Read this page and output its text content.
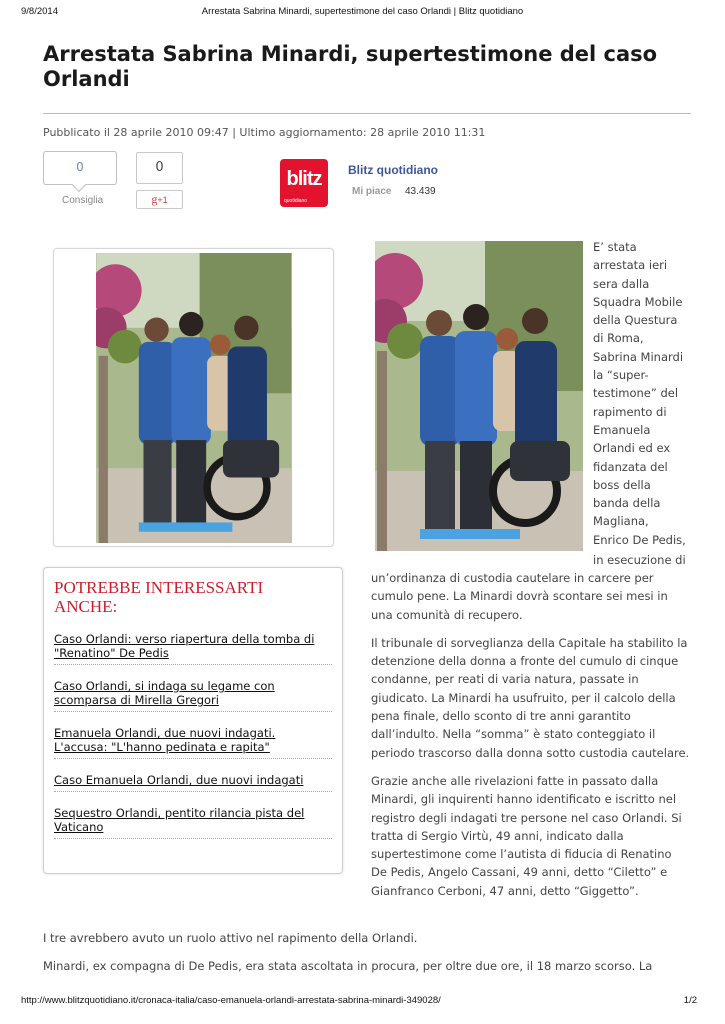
9/8/2014	Arrestata Sabrina Minardi, supertestimone del caso Orlandi | Blitz quotidiano
Arrestata Sabrina Minardi, supertestimone del caso Orlandi
Pubblicato il 28 aprile 2010 09:47 | Ultimo aggiornamento: 28 aprile 2010 11:31
0
Consiglia
0
g+1
blitz
quotidiano
Blitz quotidiano
Mi piace 43.439
POTREBBE INTERESSARTI ANCHE:
Caso Orlandi: verso riapertura della tomba di "Renatino" De Pedis
Caso Orlandi, si indaga su legame con scomparsa di Mirella Gregori
Emanuela Orlandi, due nuovi indagati. L'accusa: "L'hanno pedinata e rapita"
Caso Emanuela Orlandi, due nuovi indagati
Sequestro Orlandi, pentito rilancia pista del Vaticano

E’ stata

arrestata ieri

sera dalla

Squadra Mobile

della Questura

di Roma,

Sabrina Minardi

la “super-

testimone” del

rapimento di

Emanuela

Orlandi ed ex

fidanzata del

boss della

banda della

Magliana,

Enrico De Pedis,

in esecuzione di

un’ordinanza di custodia cautelare in carcere per cumulo pene. La Minardi dovrà scontare sei mesi in una comunità di recupero.

Il tribunale di sorveglianza della Capitale ha stabilito la detenzione della donna a fronte del cumulo di cinque condanne, per reati di varia natura, passate in giudicato. La Minardi ha usufruito, per il calcolo della pena finale, dello sconto di tre anni garantito dall’indulto. Nella “somma” è stato conteggiato il periodo trascorso dalla donna sotto custodia cautelare.

Grazie anche alle rivelazioni fatte in passato dalla Minardi, gli inquirenti hanno identificato e iscritto nel registro degli indagati tre persone nel caso Orlandi. Si tratta di Sergio Virtù, 49 anni, indicato dalla supertestimone come l’autista di fiducia di Renatino De Pedis, Angelo Cassani, 49 anni, detto “Ciletto” e Gianfranco Cerboni, 47 anni, detto “Giggetto”.

I tre avrebbero avuto un ruolo attivo nel rapimento della Orlandi.

Minardi, ex compagna di De Pedis, era stata ascoltata in procura, per oltre due ore, il 18 marzo scorso. La

http://www.blitzquotidiano.it/cronaca-italia/caso-emanuela-orlandi-arrestata-sabrina-minardi-349028/	1/2
